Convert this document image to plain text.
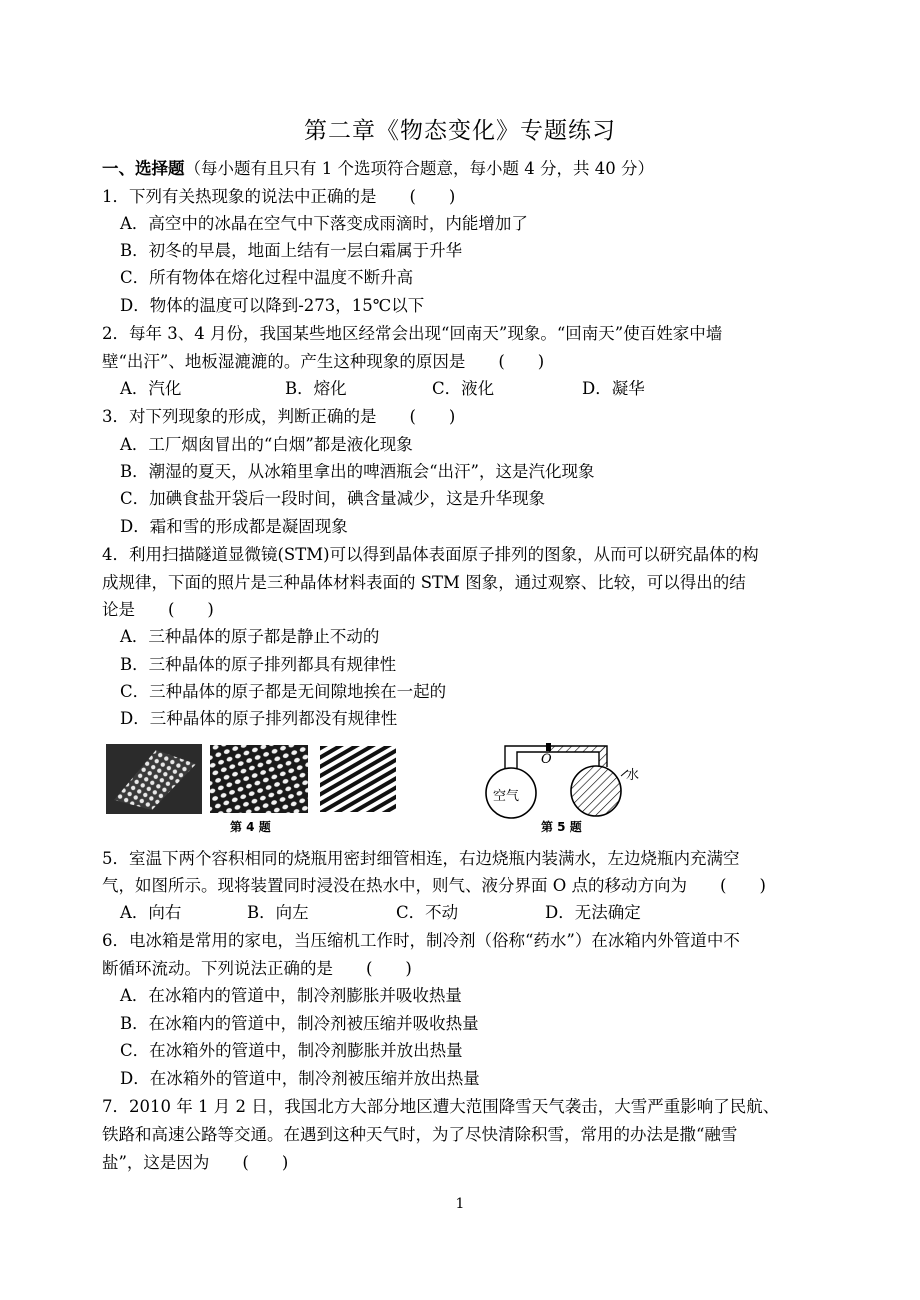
第二章《物态变化》专题练习
一、选择题（每小题有且只有 1 个选项符合题意，每小题 4 分，共 40 分）
1．下列有关热现象的说法中正确的是　　(　　)
A．高空中的冰晶在空气中下落变成雨滴时，内能增加了
B．初冬的早晨，地面上结有一层白霜属于升华
C．所有物体在熔化过程中温度不断升高
D．物体的温度可以降到-273，15℃以下
2．每年 3、4 月份，我国某些地区经常会出现“回南天”现象。“回南天”使百姓家中墙
壁“出汗”、地板湿漉漉的。产生这种现象的原因是　　(　　)
A．汽化	B．熔化	C．液化	D．凝华
3．对下列现象的形成，判断正确的是　　(　　)
A．工厂烟囱冒出的“白烟”都是液化现象
B．潮湿的夏天，从冰箱里拿出的啤酒瓶会“出汗”，这是汽化现象
C．加碘食盐开袋后一段时间，碘含量减少，这是升华现象
D．霜和雪的形成都是凝固现象
4．利用扫描隧道显微镜(STM)可以得到晶体表面原子排列的图象，从而可以研究晶体的构
成规律，下面的照片是三种晶体材料表面的 STM 图象，通过观察、比较，可以得出的结
论是　　(　　)
A．三种晶体的原子都是静止不动的
B．三种晶体的原子排列都具有规律性
C．三种晶体的原子都是无间隙地挨在一起的
D．三种晶体的原子排列都没有规律性
第 4 题
O
空气
水
第 5 题
5．室温下两个容积相同的烧瓶用密封细管相连，右边烧瓶内装满水，左边烧瓶内充满空
气，如图所示。现将装置同时浸没在热水中，则气、液分界面 O 点的移动方向为　　(　　)
A．向右	B．向左	C．不动	D．无法确定
6．电冰箱是常用的家电，当压缩机工作时，制冷剂（俗称“药水”）在冰箱内外管道中不
断循环流动。下列说法正确的是　　(　　)
A．在冰箱内的管道中，制冷剂膨胀并吸收热量
B．在冰箱内的管道中，制冷剂被压缩并吸收热量
C．在冰箱外的管道中，制冷剂膨胀并放出热量
D．在冰箱外的管道中，制冷剂被压缩并放出热量
7．2010 年 1 月 2 日，我国北方大部分地区遭大范围降雪天气袭击，大雪严重影响了民航、
铁路和高速公路等交通。在遇到这种天气时，为了尽快清除积雪，常用的办法是撒“融雪
盐”，这是因为　　(　　)
1
